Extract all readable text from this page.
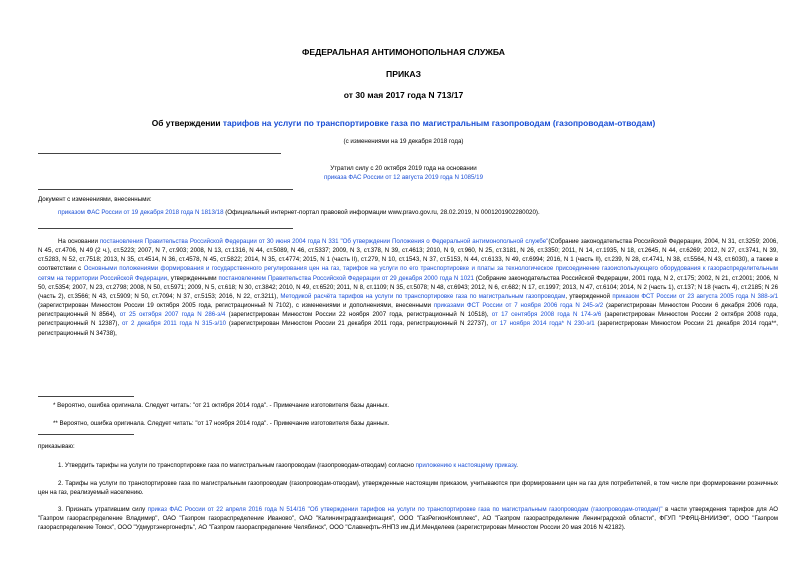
ФЕДЕРАЛЬНАЯ АНТИМОНОПОЛЬНАЯ СЛУЖБА
ПРИКАЗ
от 30 мая 2017 года N 713/17
Об утверждении тарифов на услуги по транспортировке газа по магистральным газопроводам (газопроводам-отводам)
(с изменениями на 19 декабря 2018 года)
Утратил силу с 20 октября 2019 года на основании
приказа ФАС России от 12 августа 2019 года N 1085/19
Документ с изменениями, внесенными:
приказом ФАС России от 19 декабря 2018 года N 1813/18 (Официальный интернет-портал правовой информации www.pravo.gov.ru, 28.02.2019, N 0001201902280020).
На основании постановления Правительства Российской Федерации от 30 июня 2004 года N 331 "Об утверждении Положения о Федеральной антимонопольной службе"(Собрание законодательства Российской Федерации, 2004, N 31, ст.3259; 2006, N 45, ст.4706, N 49 (2 ч.), ст.5223; 2007, N 7, ст.903; 2008, N 13, ст.1316, N 44, ст.5089, N 46, ст.5337; 2009, N 3, ст.378, N 39, ст.4613; 2010, N 9, ст.960, N 25, ст.3181, N 26, ст.3350; 2011, N 14, ст.1935, N 18, ст.2645, N 44, ст.6269; 2012, N 27, ст.3741, N 39, ст.5283, N 52, ст.7518; 2013, N 35, ст.4514, N 36, ст.4578, N 45, ст.5822; 2014, N 35, ст.4774; 2015, N 1 (часть II), ст.279, N 10, ст.1543, N 37, ст.5153, N 44, ст.6133, N 49, ст.6994; 2016, N 1 (часть II), ст.239, N 28, ст.4741, N 38, ст.5564, N 43, ст.6030), а также в соответствии с Основными положениями формирования и государственного регулирования цен на газ, тарифов на услуги по его транспортировке и платы за технологическое присоединение газоиспользующего оборудования к газораспределительным сетям на территории Российской Федерации, утвержденными постановлением Правительства Российской Федерации от 29 декабря 2000 года N 1021 (Собрание законодательства Российской Федерации, 2001 года, N 2, ст.175; 2002, N 21, ст.2001; 2006, N 50, ст.5354; 2007, N 23, ст.2798; 2008, N 50, ст.5971; 2009, N 5, ст.618; N 30, ст.3842; 2010, N 49, ст.6520; 2011, N 8, ст.1109; N 35, ст.5078; N 48, ст.6943; 2012, N 6, ст.682; N 17, ст.1997; 2013, N 47, ст.6104; 2014, N 2 (часть 1), ст.137; N 18 (часть 4), ст.2185; N 26 (часть 2), ст.3566; N 43, ст.5909; N 50, ст.7094; N 37, ст.5153; 2016, N 22, ст.3211), Методикой расчёта тарифов на услуги по транспортировке газа по магистральным газопроводам, утвержденной приказом ФСТ России от 23 августа 2005 года N 388-э/1 (зарегистрирован Минюстом России 19 октября 2005 года, регистрационный N 7102), с изменениями и дополнениями, внесенными приказами ФСТ России от 7 ноября 2006 года N 245-э/2 (зарегистрирован Минюстом России 6 декабря 2006 года, регистрационный N 8564), от 25 октября 2007 года N 286-э/4 (зарегистрирован Минюстом России 22 ноября 2007 года, регистрационный N 10518), от 17 сентября 2008 года N 174-э/6 (зарегистрирован Минюстом России 2 октября 2008 года, регистрационный N 12387), от 2 декабря 2011 года N 315-э/10 (зарегистрирован Минюстом России 21 декабря 2011 года, регистрационный N 22737), от 17 ноября 2014 года* N 230-э/1 (зарегистрирован Минюстом России 21 декабря 2014 года**, регистрационный N 34738),
* Вероятно, ошибка оригинала. Следует читать: "от 21 октября 2014 года". - Примечание изготовителя базы данных.
** Вероятно, ошибка оригинала. Следует читать: "от 17 ноября 2014 года". - Примечание изготовителя базы данных.
приказываю:
1. Утвердить тарифы на услуги по транспортировке газа по магистральным газопроводам (газопроводам-отводам) согласно приложению к настоящему приказу.
2. Тарифы на услуги по транспортировке газа по магистральным газопроводам (газопроводам-отводам), утвержденные настоящим приказом, учитываются при формировании цен на газ для потребителей, в том числе при формировании розничных цен на газ, реализуемый населению.
3. Признать утратившим силу приказ ФАС России от 22 апреля 2016 года N 514/16 "Об утверждении тарифов на услуги по транспортировке газа по магистральным газопроводам (газопроводам-отводам)" в части утверждения тарифов для АО "Газпром газораспределение Владимир", ОАО "Газпром газораспределение Иваново", ОАО "Калининградгазификация", ООО "ГазРегионКомплекс", АО "Газпром газораспределение Ленинградской области", ФГУП "РФЯЦ-ВНИИЭФ", ООО "Газпром газораспределение Томск", ООО "Удмуртэнергонефть", АО "Газпром газораспределение Челябинск", ООО "Славнефть-ЯНПЗ им.Д.И.Менделеев (зарегистрирован Минюстом России 20 мая 2016 N 42182).
